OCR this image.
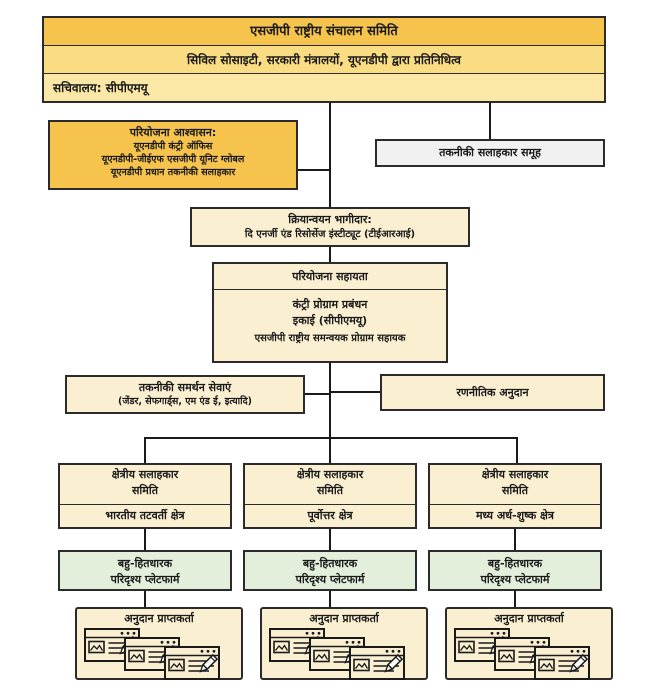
एसजीपी राष्ट्रीय संचालन समिति
सिविल सोसाइटी, सरकारी मंत्रालयों, यूएनडीपी द्वारा प्रतिनिधित्व
सचिवालय: सीपीएमयू
परियोजना आश्वासन:
यूएनडीपी कंट्री ऑफिस
यूएनडीपी-जीईएफ एसजीपी यूनिट ग्लोबल
यूएनडीपी प्रधान तकनीकी सलाहकार
तकनीकी सलाहकार समूह
क्रियान्वयन भागीदार:
दि एनर्जी एंड रिसोर्सेज इंस्टीट्यूट (टीईआरआई)
परियोजना सहायता
कंट्री प्रोग्राम प्रबंधन
इकाई (सीपीएमयू)
एसजीपी राष्ट्रीय समन्वयक प्रोग्राम सहायक
तकनीकी समर्थन सेवाएं
(जेंडर, सेफगार्ड्स, एम एंड ई, इत्यादि)
रणनीतिक अनुदान
क्षेत्रीय सलाहकार
समिति
भारतीय तटवर्ती क्षेत्र
बहु-हितधारक
परिदृश्य प्लेटफार्म
अनुदान प्राप्तकर्ता
क्षेत्रीय सलाहकार
समिति
पूर्वोत्तर क्षेत्र
बहु-हितधारक
परिदृश्य प्लेटफार्म
अनुदान प्राप्तकर्ता
क्षेत्रीय सलाहकार
समिति
मध्य अर्ध-शुष्क क्षेत्र
बहु-हितधारक
परिदृश्य प्लेटफार्म
अनुदान प्राप्तकर्ता
